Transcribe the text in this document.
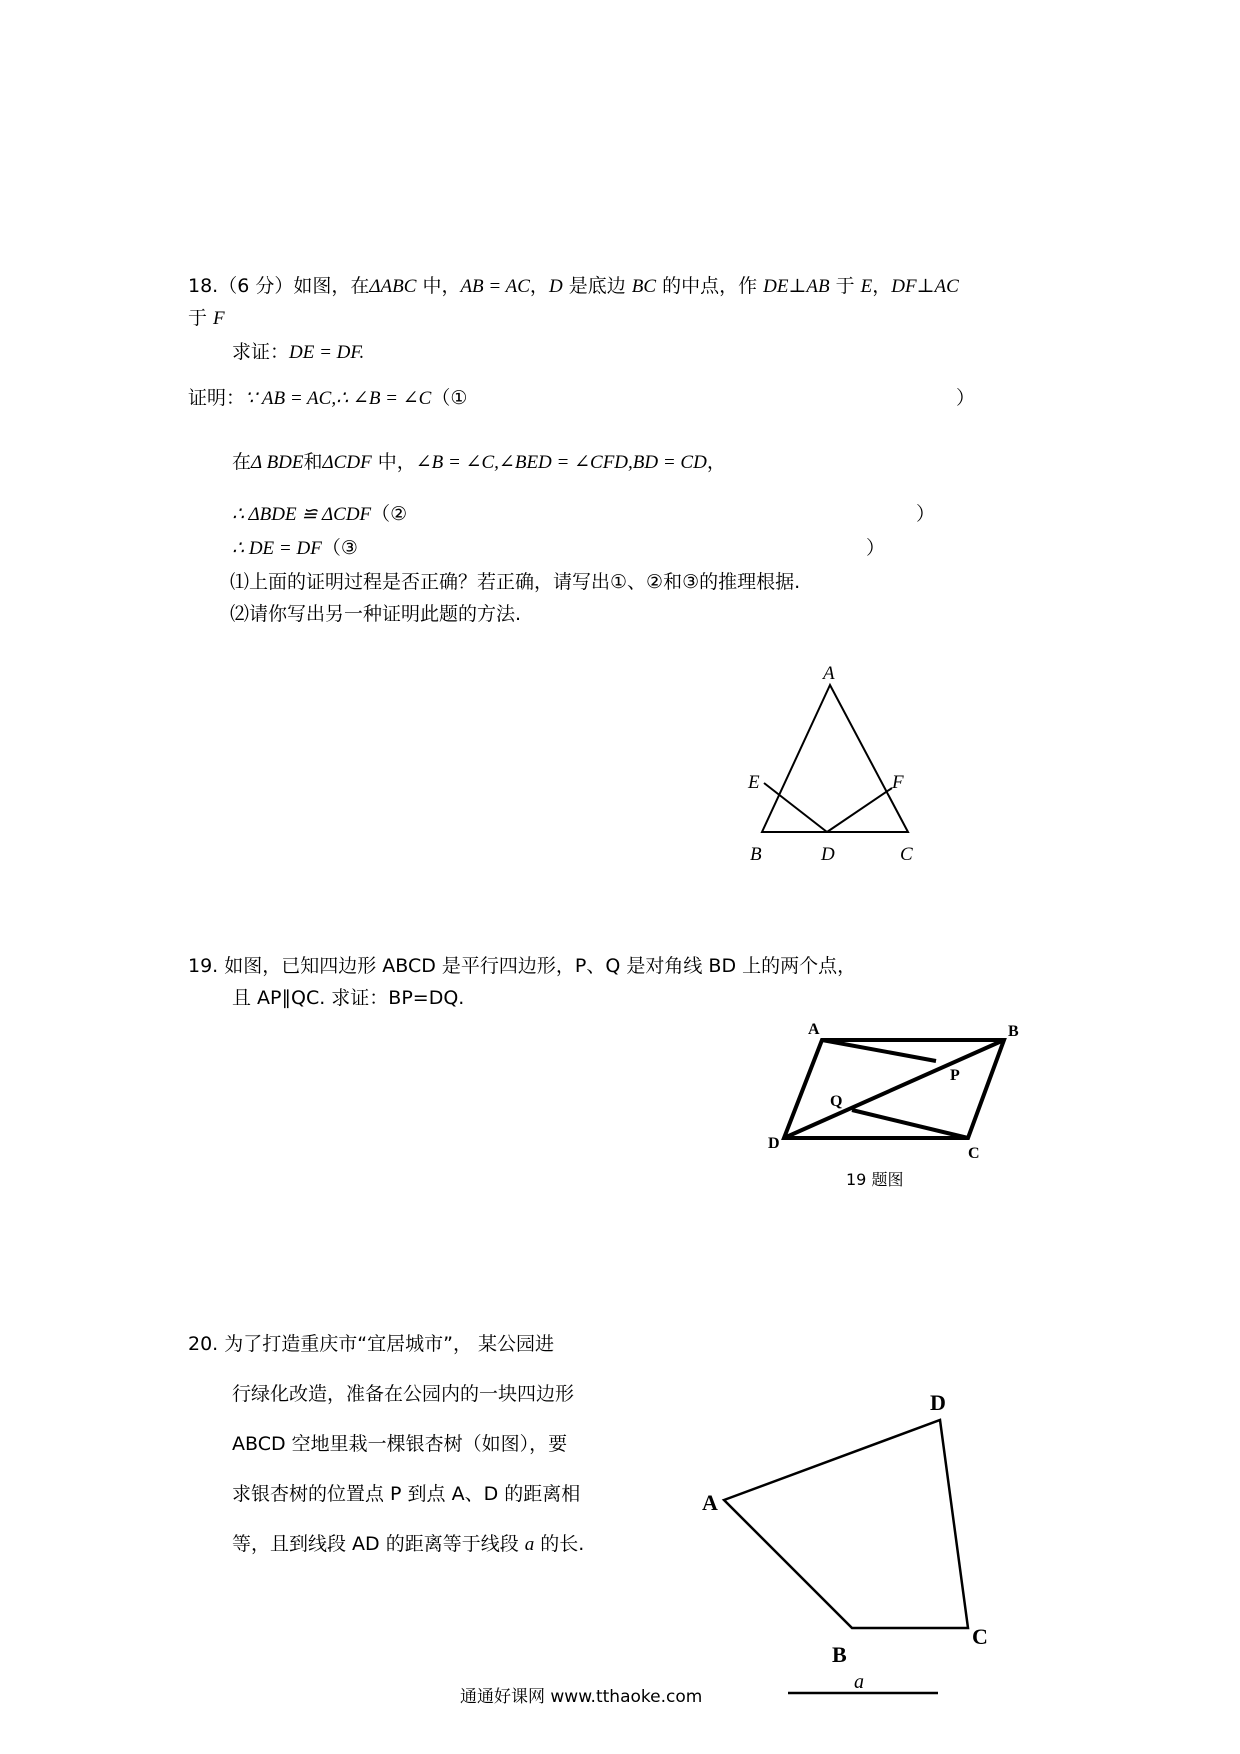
18.（6 分）如图，在ΔABC 中，AB = AC，D 是底边 BC 的中点，作 DE⊥AB 于 E，DF⊥AC
于 F
求证：DE = DF.
证明：∵ AB = AC,∴ ∠B = ∠C（①	）
在Δ BDE和ΔCDF 中，∠B = ∠C,∠BED = ∠CFD,BD = CD，
∴ ΔBDE ≌ ΔCDF（②	）
∴ DE = DF（③	）
⑴上面的证明过程是否正确？若正确，请写出①、②和③的推理根据.
⑵请你写出另一种证明此题的方法.
A
B	C
D
E	F
19. 如图，已知四边形 ABCD 是平行四边形，P、Q 是对角线 BD 上的两个点，
且 AP∥QC. 求证：BP=DQ.
A	B
C
D
P
Q
19 题图
20. 为了打造重庆市“宜居城市”， 某公园进
行绿化改造，准备在公园内的一块四边形
ABCD 空地里栽一棵银杏树（如图），要
求银杏树的位置点 P 到点 A、D 的距离相
等，且到线段 AD 的距离等于线段 a 的长.
A
B
C
D
a
通通好课网 www.tthaoke.com
